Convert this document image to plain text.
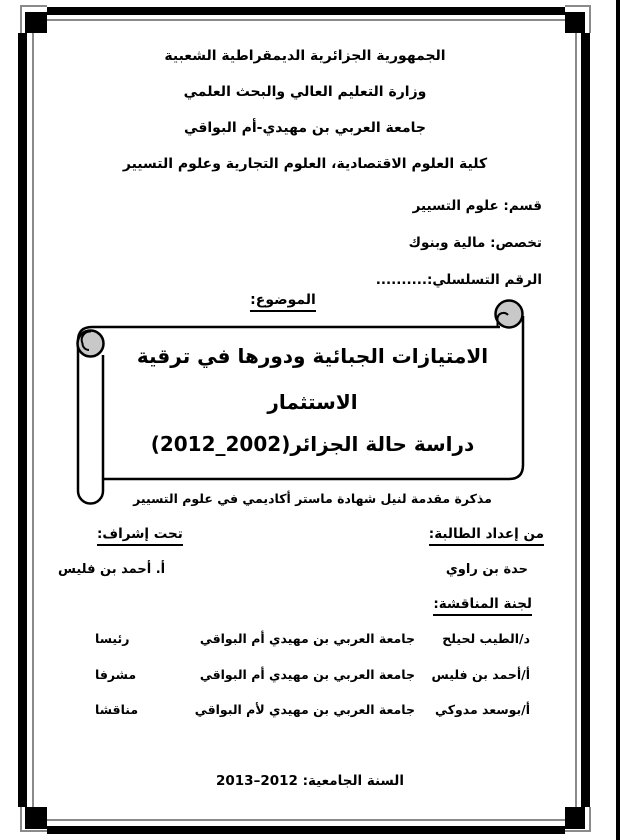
الجمهورية الجزائرية الديمقراطية الشعبية
وزارة التعليم العالي والبحث العلمي
جامعة العربي بن مهيدي-أم البواقي
كلية العلوم الاقتصادية، العلوم التجارية وعلوم التسيير
قسم: علوم التسيير
تخصص: مالية وبنوك
الرقم التسلسلي:..........
الموضوع:
الامتيازات الجبائية ودورها في ترقية
الاستثمار
دراسة حالة الجزائر(2002_2012)
مذكرة مقدمة لنيل شهادة ماستر أكاديمي في علوم التسيير
من إعداد الطالبة:
تحت إشراف:
حدة بن راوي
أ. أحمد بن فليس
لجنة المناقشة:
د/الطيب لحيلح
جامعة العربي بن مهيدي أم البواقي
رئيسا
أ/أحمد بن فليس
جامعة العربي بن مهيدي أم البواقي
مشرفا
أ/بوسعد مدوكي
جامعة العربي بن مهيدي لأم البواقي
مناقشا
السنة الجامعية: 2012–2013
